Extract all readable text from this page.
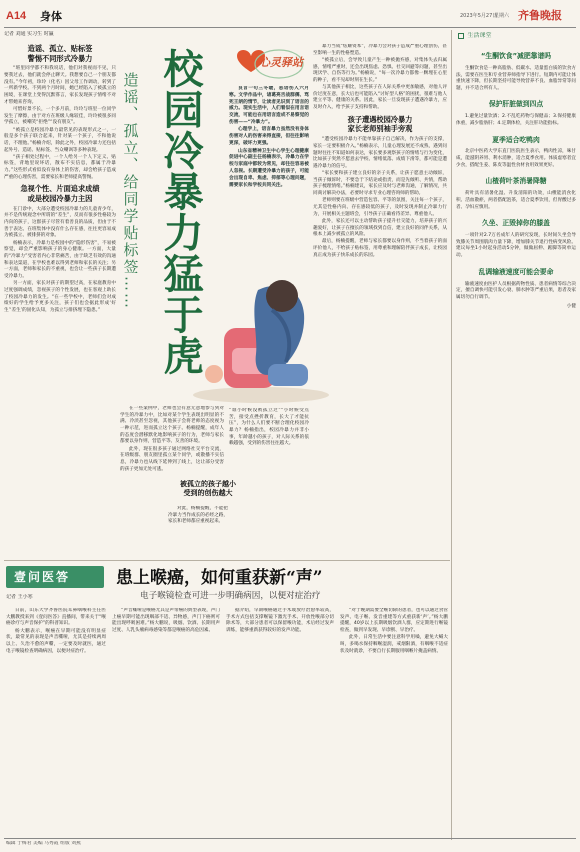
A14 身体	2023年5月27日
星期六 齐鲁晚报
记者 刘通 实习生 时赢
造谣、孤立、贴标签
警惕不同形式冷暴力

“班里同学都不和我说话，他们对我视而不见，只要我过去，他们就会停止聊天。我想要自己一个朋友都没有。”今年初，珍玲（化名）因父母工作调动，转到了一所新学校。不到两个月时间，她已经陷入了被孤立的困境，在课堂上变得沉默寡言，家长发现孩子情绪不对才带她来咨询。

可惜好景不长，一个多月前，玲玲与班里一位同学发生了摩擦，由于对方在班级人缘较佳，玲玲被很多同学孤立，被嘲笑“拒绝”“没有朋友”。

“被孤立是校园冷暴力最常见的表现形式之一，一般是多个孩子联合起来，针对某一个孩子，不和他说话，不理他。”杨楠介绍，除此之外，校园冷暴力还包括起外号、造谣、贴标签、当众嘲讽等多种表现。

“孩子相处过程中，一个人给另一个人下定义、贴标签，背地里说坏话，散布不实信息，都属于冷暴力。”这些形式看似没有身体上的伤害，却会给孩子造成严重的心理伤害，需要家长和老师提高警惕。

急视个性、片面追求成绩
或是校园冷暴力主因

在门诊中，大部分遭受校园冷暴力的儿童青少年，并不是传统观念中所谓的“差生”，反而有很多性格较为内向的孩子，这群孩子尽管有着善良的品质，但由于不善于表达、在班集体中没有什么存在感，往往更容易成为被孤立、被排挤的对象。

杨楠表示，冷暴力是校园中的“隐形伤害”，不易被察觉，却会严重影响孩子的身心健康。一方面，大量的“冷暴力”受害者内心非常痛苦，由于缺乏有效的沟通和表达渠道，在学校也难以得到老师和家长的关注；另一方面，老师和家长的不重视，也会让一些孩子长期遭受冷暴力。

另一方面，家长对孩子的期望过高，在家庭教育中过度强调成绩，忽视孩子的个性发展，也在客观上助长了校园冷暴力的发生。“在一些学校中，老师们会对成绩好的学生给予更多关注，孩子们也会据此形成‘好生’‘差生’的固化认知，为孤立与排挤埋下隐患。”

在一些案例中，老师也会有意无意地参与到对学生的冷暴力中，比如对某个学生表现出明显的不满、冷淡甚至忽视，其他孩子会将老师的态度视为一种示范，进而孤立这个孩子。杨楠提醒，成年人的态度会潜移默化地影响孩子的行为，老师与家长都要以身作则，营造平等、友善的环境。

此外，现在很多孩子通过网络社交平台交流，在班级群、朋友圈里孤立某个同学，或散播不实信息，冷暴力也从线下延伸到了线上，这让部分受害的孩子更加无处可逃。

造谣、孤立、给同学贴标签…… 校园冷暴力猛于虎	心灵驿站

良言一句三冬暖，恶语伤人六月寒。文学作品中，诸葛亮舌战群儒、骂死王朗的情节，让读者见识到了语言的威力。现实生活中，人们看似在用言语交流，可能也在用语言造成不易察觉的伤害——“冷暴力”。

心理学上，语言暴力虽然没有身体伤害对人的伤害来得直接，但往往影响更深，破坏力更强。

山东省精神卫生中心学生心理健康促进中心副主任杨楠表示，冷暴力在学校与家庭中都较为常见，却往往容易被人忽视。长期遭受冷暴力的孩子，可能会出现自卑、焦虑、抑郁等心理问题，需要家长和学校共同关注。

“谁小时候没被孤立过”“小时候受点苦，接受点挫折教育，长大了才能抗压”，为什么人们要不断合理化校园冷暴力？杨楠指出，校园冷暴力并非小事，年龄越小的孩子，对人际关系的依赖越强，受到的伤害往往越大。

被孤立的孩子越小
受到的创伤越大

对此，杨楠提醒，不能把冷暴力当作成长的必经之路，家长和老师都应重视起来。

暴力当成“炫耀资本”，冷暴力会对孩子造成严重心理创伤，甚至影响一生的性格塑造。

“被孤立后，会导致儿童产生一种被抛弃感，对集体失去归属感，情绪严重时，还会出现焦虑、恐惧、社交回避等问题，甚至出现厌学、自伤等行为。”杨楠说，“每一次冷暴力都像一颗埋在心里的种子，看不见却时刻在生长。”

与其他孩子相比，这些孩子在人际关系中更加敏感，对他人评价过度在意，长大后也可能陷入“讨好型人格”的困扰，很难与他人建立平等、健康的关系。因此，家长一旦发现孩子遭遇冷暴力，应及时介入，给予孩子支持和帮助。

孩子遭遇校园冷暴力
家长老师别袖手旁观

“遭受校园冷暴力不能单靠孩子自己解决，作为孩子的支撑，家长一定要积极介入。”杨楠表示，儿童心理发展还不成熟，遇到问题时往往不知道如何表达，家长要多观察孩子的情绪与行为变化，比如孩子突然不愿意去学校、情绪低落、成绩下滑等，都可能是遭遇冷暴力的信号。

“家长要和孩子建立良好的亲子关系，让孩子愿意主动倾诉，当孩子倾诉时，不要急于下结论或指责，而是先倾听、共情，帮助孩子梳理情绪。”杨楠建议，家长应及时与老师沟通，了解情况，共同商讨解决办法，必要时寻求专业心理咨询师的帮助。

老师则要在班级中营造包容、平等的氛围，关注每一个孩子，尤其是性格内向、存在感较低的孩子，及时发现并制止冷暴力行为，开展相关主题班会，引导孩子正确看待差异、尊重他人。

此外，家长还可以主动帮助孩子提升社交能力，培养孩子的兴趣爱好，让孩子在擅长的领域找到自信，建立良好的同伴关系，从根本上减少被孤立的风险。

最后，杨楠提醒，老师与家长都要以身作则，不当着孩子的面评价他人，不给孩子贴标签，用尊重和理解陪伴孩子成长，让校园真正成为孩子快乐成长的乐园。

生活课堂
“生酮饮食”减肥靠谱吗

生酮饮食是一种高脂肪、低碳水、适量蛋白质的饮食方法，需要在医生和专业营养师指导下进行。短期内可能让体重快速下降，但长期坚持可能导致营养不良、血脂异常等问题，并不适合所有人。

保护肝脏做到四点

1.避免过量饮酒；2.不乱吃药物与保健品；3.保持健康体重，减少脂肪肝；4.定期体检，关注肝功能指标。

夏季适合吃鸭肉

北京中医药大学东直门医院医生表示，鸭肉性凉，味甘咸，能滋阴养胃、利水消肿，适合夏季食用。体质虚寒者宜少食，搭配生姜、陈皮等温性食材食用效果更好。

山楂荷叶茶消暑降糖

荷叶具有清暑化湿、升发清阳的功效，山楂能消食化积、活血散瘀，两者搭配泡茶，适合夏季饮用，但胃酸过多者、孕妇应慎用。

久坐、正毁掉你的膝盖

一项针对2.7万名成年人的研究发现，长时间久坐会导致膝关节周围肌肉力量下降，增加膝关节退行性病变风险。建议每坐1小时起身活动5分钟，做做屈伸、踮脚等简单运动。

乱调输液速度可能会要命

输液速度由医护人员根据药物性质、患者病情等综合决定，擅自调快可能引发心衰、肺水肿等严重后果，患者及家属切勿自行调节。

小健
壹问医答
记者 王小寒
患上喉癌，如何重获新“声”
电子喉镜检查可进一步明确病因，以便对症治疗

日前，山东大学齐鲁医院耳鼻咽喉科主任医大鹏教授来到《壹问医答》直播间，带来关于“喉癌诊疗与声音保护”的科普知识。

杨大鹏表示，喉癌在早期可能没有明显症状，最常见的表现是声音嘶哑，尤其是持续两周以上、久治不愈的声嘶，一定要及时就医，通过电子喉镜检查明确病因，以便对症治疗。

“声音嘶哑是喉癌尤其是声带癌的典型表现，声门上癌早期可能出现咽部不适、异物感，声门下癌则可能出现呼吸困难。”杨大鹏说，吸烟、饮酒、长期用声过度、人乳头瘤病毒感染等都是喉癌的高危因素。

据介绍，早期喉癌通过手术或放疗治愈率较高，手术方式包括支撑喉镜下激光手术、开放性喉部分切除术等，大部分患者可以保留喉功能，术后经过发声训练，能够重新获得较好的发声功能。

“对于晚期需要全喉切除的患者，也可以通过食管发声、电子喉、发音重建等方式重获新‘声’。”杨大鹏提醒，40岁以上长期吸烟饮酒人群，应定期进行喉镜检查，做到早发现、早诊断、早治疗。

此外，日常生活中要注意科学用嗓，避免大喊大叫，多喝水保持咽喉湿润，戒烟限酒，有咽喉不适症状及时就诊，不要自行长期服用咽喉片掩盖病情。

编辑 于梅君 美编 马秀霞 组版 刘燕
